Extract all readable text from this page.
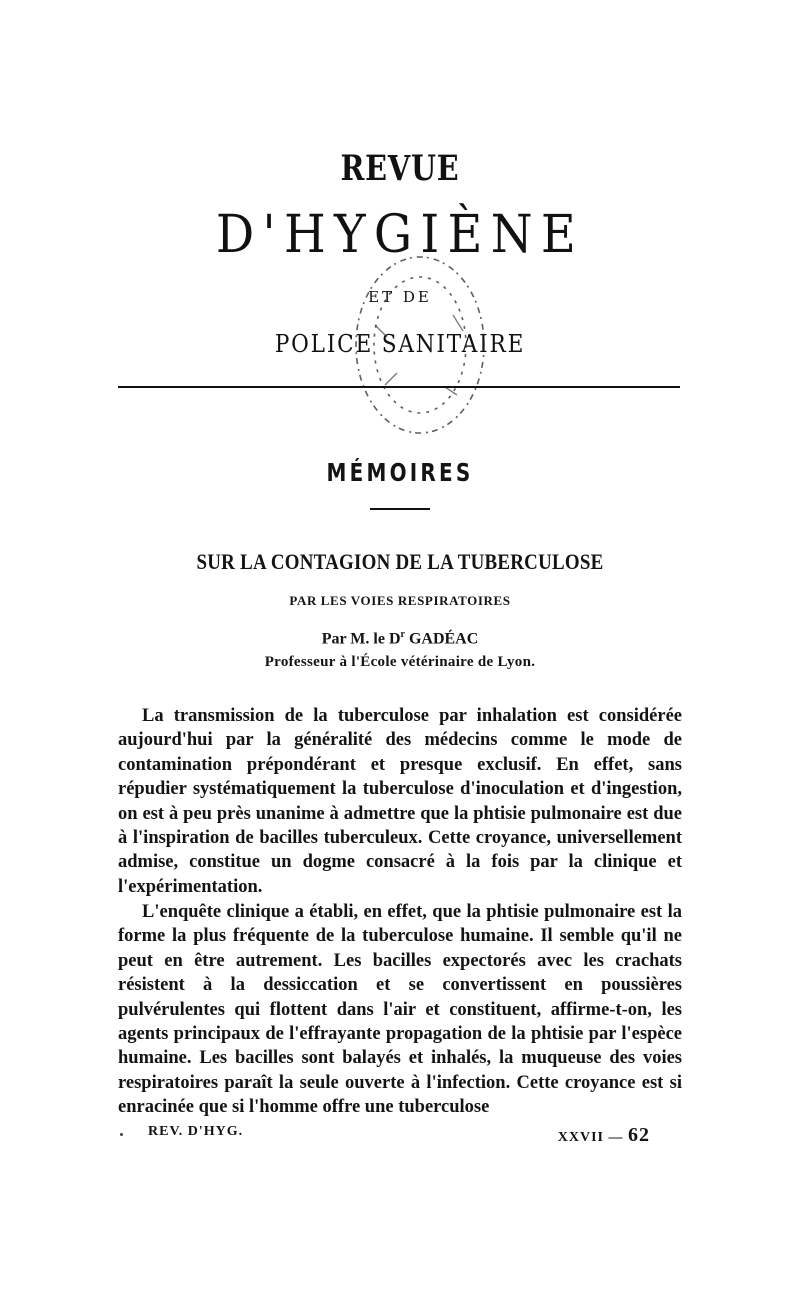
REVUE
D'HYGIÈNE
ET DE
POLICE SANITAIRE
MÉMOIRES
SUR LA CONTAGION DE LA TUBERCULOSE
PAR LES VOIES RESPIRATOIRES
Par M. le $D^r$ GADÉAC
Professeur à l'École vétérinaire de Lyon.

La transmission de la tuberculose par inhalation est considérée aujourd'hui par la généralité des médecins comme le mode de contamination prépondérant et presque exclusif. En effet, sans répudier systématiquement la tuberculose d'inoculation et d'ingestion, on est à peu près unanime à admettre que la phtisie pulmonaire est due à l'inspiration de bacilles tuberculeux. Cette croyance, universellement admise, constitue un dogme consacré à la fois par la clinique et l'expérimentation.

L'enquête clinique a établi, en effet, que la phtisie pulmonaire est la forme la plus fréquente de la tuberculose humaine. Il semble qu'il ne peut en être autrement. Les bacilles expectorés avec les crachats résistent à la dessiccation et se convertissent en poussières pulvérulentes qui flottent dans l'air et constituent, affirme-t-on, les agents principaux de l'effrayante propagation de la phtisie par l'espèce humaine. Les bacilles sont balayés et inhalés, la muqueuse des voies respiratoires paraît la seule ouverte à l'infection. Cette croyance est si enracinée que si l'homme offre une tuberculose

REV. D'HYG.	XXVII — 62
